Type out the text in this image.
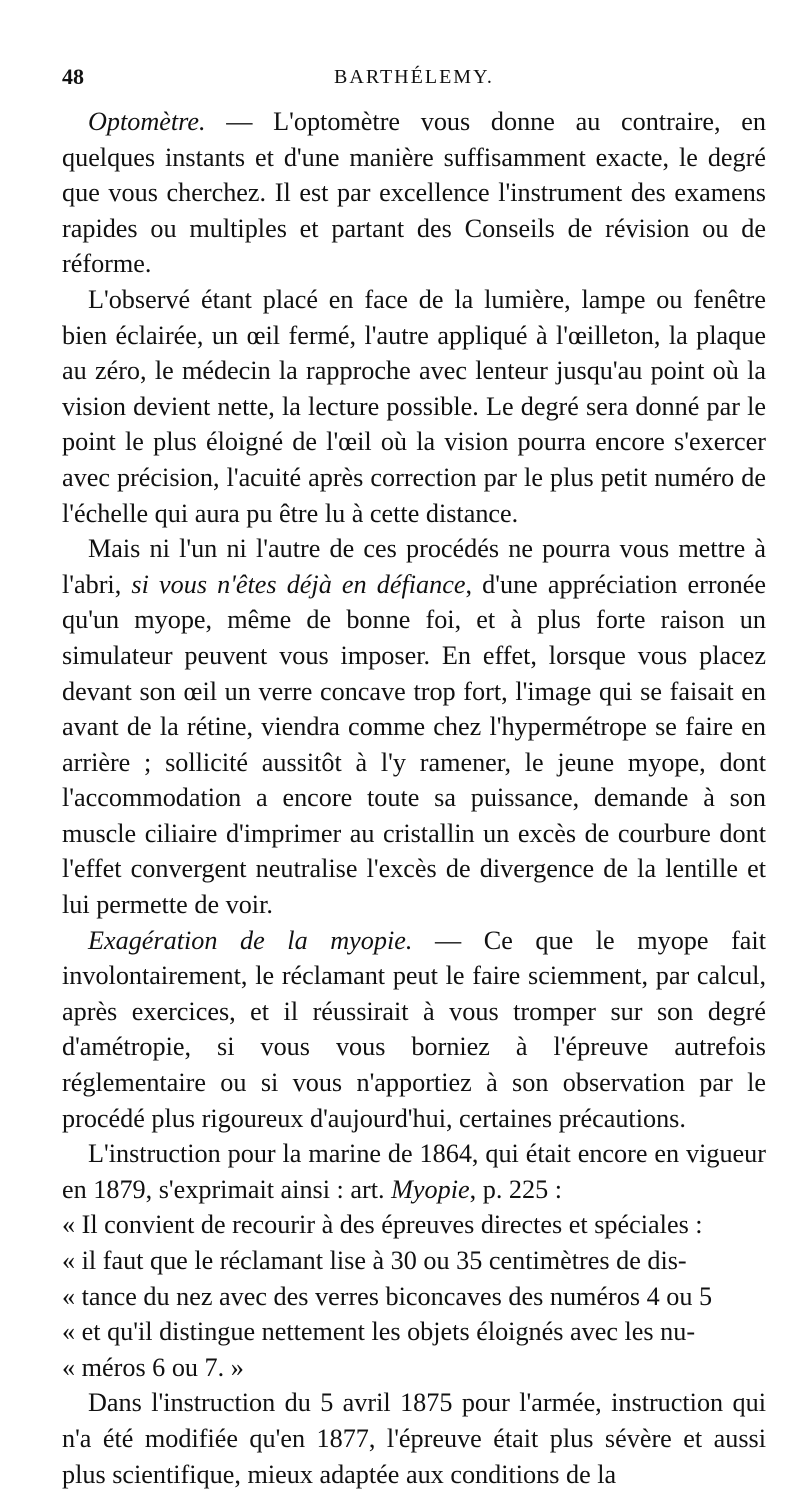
48	BARTHÉLEMY.

Optomètre. — L'optomètre vous donne au contraire, en quelques instants et d'une manière suffisamment exacte, le degré que vous cherchez. Il est par excellence l'instrument des examens rapides ou multiples et partant des Conseils de révision ou de réforme.

L'observé étant placé en face de la lumière, lampe ou fenêtre bien éclairée, un œil fermé, l'autre appliqué à l'œilleton, la plaque au zéro, le médecin la rapproche avec lenteur jusqu'au point où la vision devient nette, la lecture possible. Le degré sera donné par le point le plus éloigné de l'œil où la vision pourra encore s'exercer avec précision, l'acuité après correction par le plus petit numéro de l'échelle qui aura pu être lu à cette distance.

Mais ni l'un ni l'autre de ces procédés ne pourra vous mettre à l'abri, si vous n'êtes déjà en défiance, d'une appréciation erronée qu'un myope, même de bonne foi, et à plus forte raison un simulateur peuvent vous imposer. En effet, lorsque vous placez devant son œil un verre concave trop fort, l'image qui se faisait en avant de la rétine, viendra comme chez l'hypermétrope se faire en arrière ; sollicité aussitôt à l'y ramener, le jeune myope, dont l'accommodation a encore toute sa puissance, demande à son muscle ciliaire d'imprimer au cristallin un excès de courbure dont l'effet convergent neutralise l'excès de divergence de la lentille et lui permette de voir.

Exagération de la myopie. — Ce que le myope fait involontairement, le réclamant peut le faire sciemment, par calcul, après exercices, et il réussirait à vous tromper sur son degré d'amétropie, si vous vous borniez à l'épreuve autrefois réglementaire ou si vous n'apportiez à son observation par le procédé plus rigoureux d'aujourd'hui, certaines précautions.

L'instruction pour la marine de 1864, qui était encore en vigueur en 1879, s'exprimait ainsi : art. Myopie, p. 225 :

« Il convient de recourir à des épreuves directes et spéciales :
« il faut que le réclamant lise à 30 ou 35 centimètres de dis-
« tance du nez avec des verres biconcaves des numéros 4 ou 5
« et qu'il distingue nettement les objets éloignés avec les nu-
« méros 6 ou 7. »

Dans l'instruction du 5 avril 1875 pour l'armée, instruction qui n'a été modifiée qu'en 1877, l'épreuve était plus sévère et aussi plus scientifique, mieux adaptée aux conditions de la
